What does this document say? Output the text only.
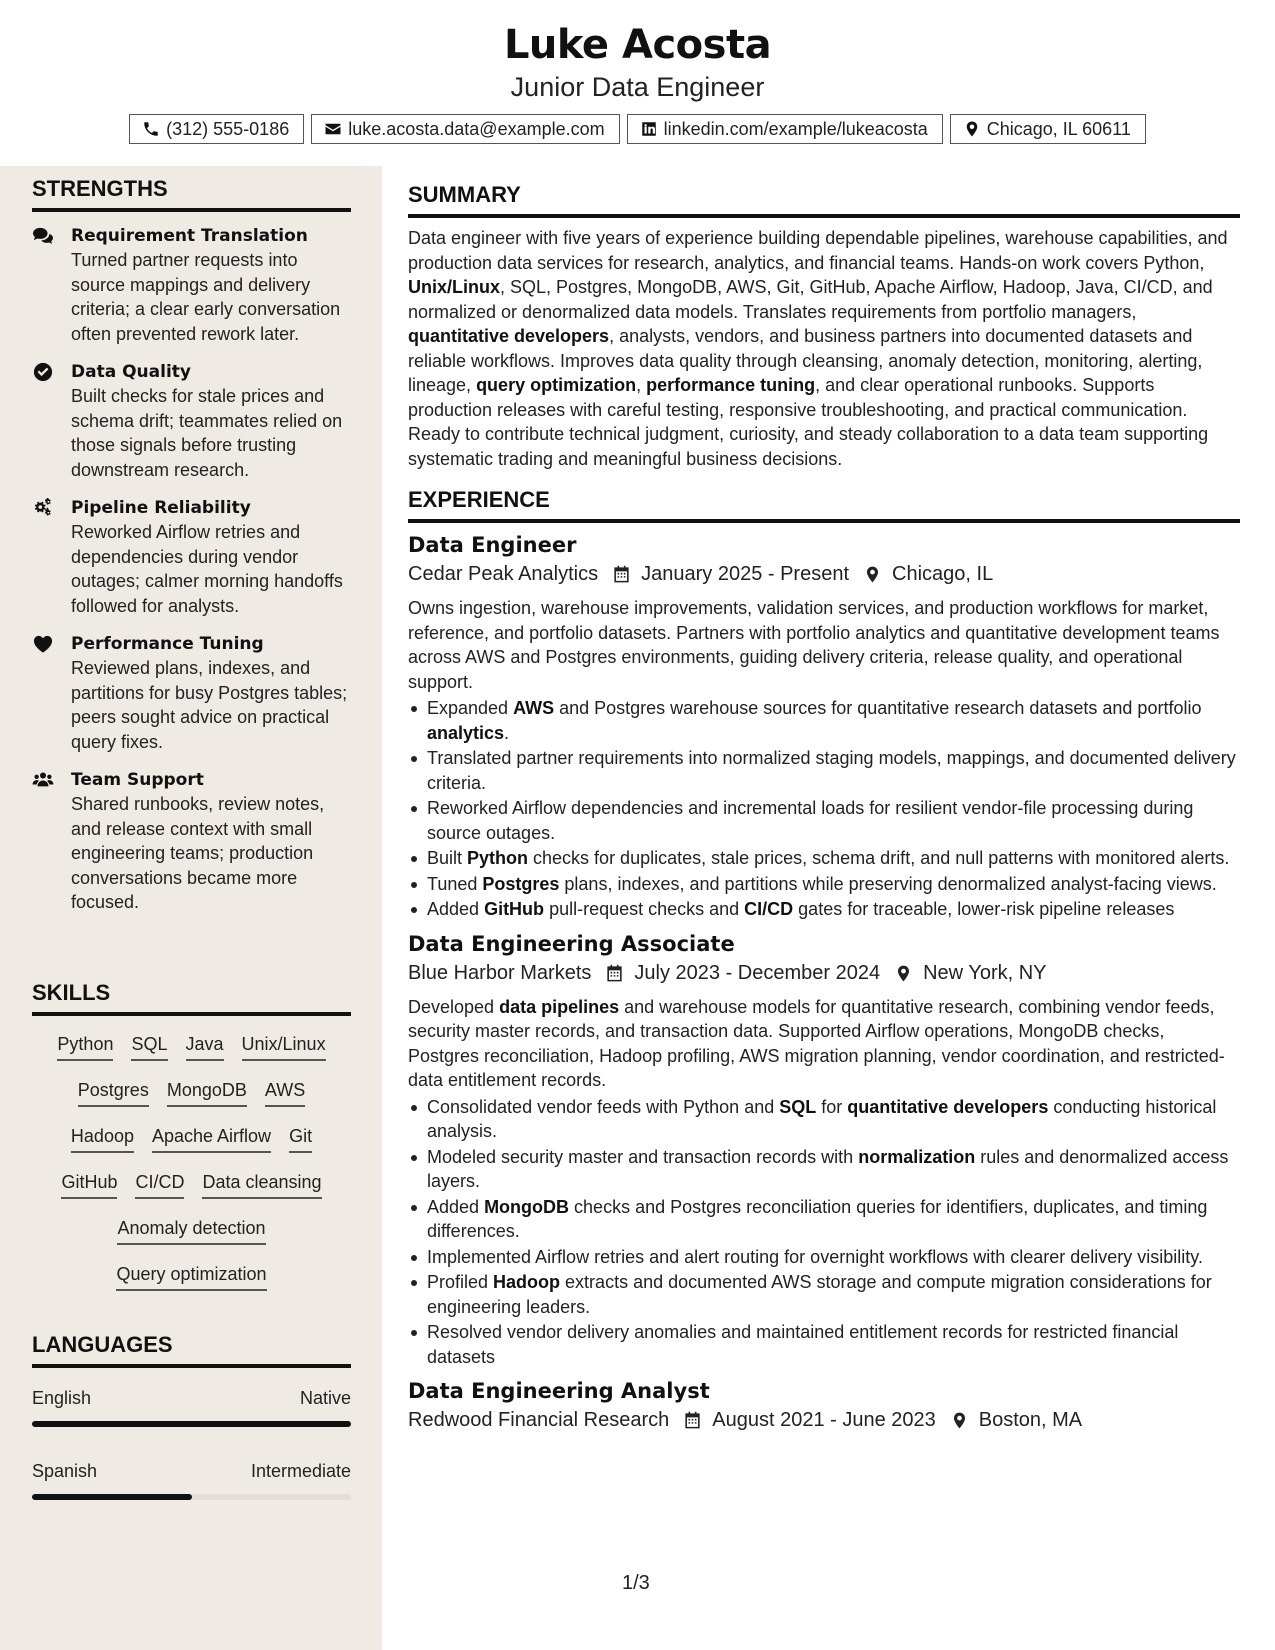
Luke Acosta
Junior Data Engineer
(312) 555-0186	luke.acosta.data@example.com	linkedin.com/example/lukeacosta	Chicago, IL 60611
STRENGTHS
Requirement Translation
Turned partner requests into source mappings and delivery criteria; a clear early conversation often prevented rework later.
Data Quality
Built checks for stale prices and schema drift; teammates relied on those signals before trusting downstream research.
Pipeline Reliability
Reworked Airflow retries and dependencies during vendor outages; calmer morning handoffs followed for analysts.
Performance Tuning
Reviewed plans, indexes, and partitions for busy Postgres tables; peers sought advice on practical query fixes.
Team Support
Shared runbooks, review notes, and release context with small engineering teams; production conversations became more focused.
SKILLS
Python SQL Java Unix/Linux
Postgres MongoDB AWS
Hadoop Apache Airflow Git
GitHub CI/CD Data cleansing
Anomaly detection
Query optimization
LANGUAGES
English	Native
Spanish	Intermediate
SUMMARY
Data engineer with five years of experience building dependable pipelines, warehouse capabilities, and production data services for research, analytics, and financial teams. Hands-on work covers Python, Unix/Linux, SQL, Postgres, MongoDB, AWS, Git, GitHub, Apache Airflow, Hadoop, Java, CI/CD, and normalized or denormalized data models. Translates requirements from portfolio managers, quantitative developers, analysts, vendors, and business partners into documented datasets and reliable workflows. Improves data quality through cleansing, anomaly detection, monitoring, alerting, lineage, query optimization, performance tuning, and clear operational runbooks. Supports production releases with careful testing, responsive troubleshooting, and practical communication. Ready to contribute technical judgment, curiosity, and steady collaboration to a data team supporting systematic trading and meaningful business decisions.
EXPERIENCE
Data Engineer
Cedar Peak Analytics January 2025 - Present Chicago, IL
Owns ingestion, warehouse improvements, validation services, and production workflows for market, reference, and portfolio datasets. Partners with portfolio analytics and quantitative development teams across AWS and Postgres environments, guiding delivery criteria, release quality, and operational support.
Expanded AWS and Postgres warehouse sources for quantitative research datasets and portfolio analytics.
Translated partner requirements into normalized staging models, mappings, and documented delivery criteria.
Reworked Airflow dependencies and incremental loads for resilient vendor-file processing during source outages.
Built Python checks for duplicates, stale prices, schema drift, and null patterns with monitored alerts.
Tuned Postgres plans, indexes, and partitions while preserving denormalized analyst-facing views.
Added GitHub pull-request checks and CI/CD gates for traceable, lower-risk pipeline releases
Data Engineering Associate
Blue Harbor Markets July 2023 - December 2024 New York, NY
Developed data pipelines and warehouse models for quantitative research, combining vendor feeds, security master records, and transaction data. Supported Airflow operations, MongoDB checks, Postgres reconciliation, Hadoop profiling, AWS migration planning, vendor coordination, and restricted-data entitlement records.
Consolidated vendor feeds with Python and SQL for quantitative developers conducting historical analysis.
Modeled security master and transaction records with normalization rules and denormalized access layers.
Added MongoDB checks and Postgres reconciliation queries for identifiers, duplicates, and timing differences.
Implemented Airflow retries and alert routing for overnight workflows with clearer delivery visibility.
Profiled Hadoop extracts and documented AWS storage and compute migration considerations for engineering leaders.
Resolved vendor delivery anomalies and maintained entitlement records for restricted financial datasets
Data Engineering Analyst
Redwood Financial Research August 2021 - June 2023 Boston, MA
1/3
